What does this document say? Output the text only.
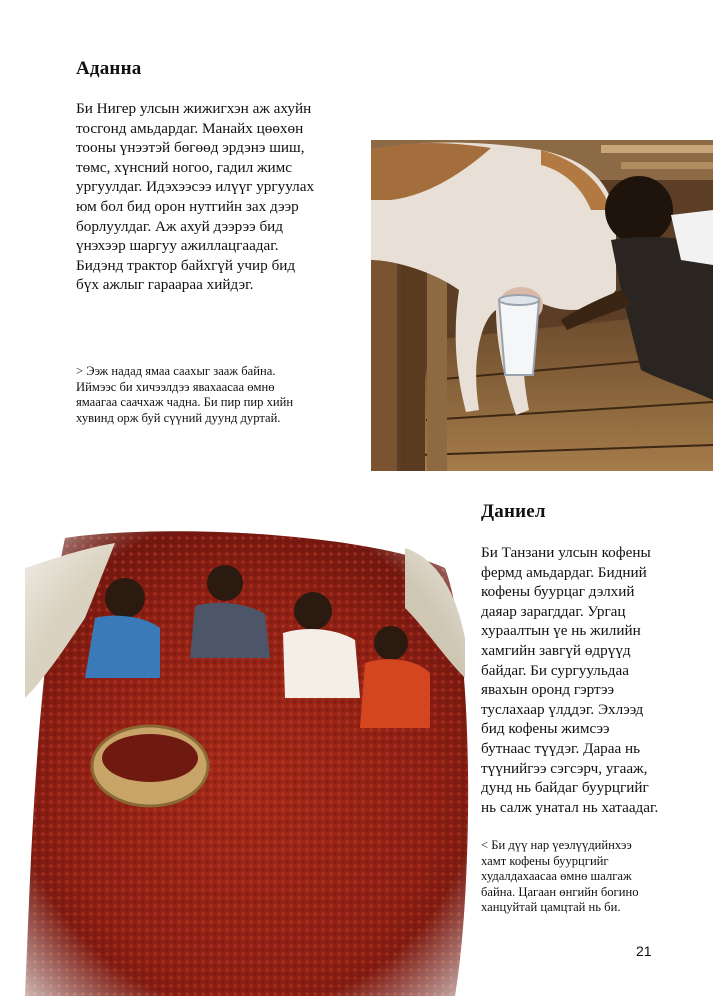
Аданна
Би Нигер улсын жижигхэн аж ахуйн
тосгонд амьдардаг. Манайх цөөхөн
тооны үнээтэй бөгөөд эрдэнэ шиш,
төмс, хүнсний ногоо, гадил жимс
ургуулдаг. Идэхээсээ илүүг ургуулах
юм бол бид орон нутгийн зах дээр
борлуулдаг. Аж ахуй дээрээ бид
үнэхээр шаргуу ажиллацгаадаг.
Бидэнд трактор байхгүй учир бид
бүх ажлыг гараараа хийдэг.
> Ээж надад ямаа саахыг зааж байна.
Иймээс би хичээлдээ явахаасаа өмнө
ямаагаа саачхаж чадна. Би пир пир хийн
хувинд орж буй сүүний дуунд дуртай.
Даниел
Би Танзани улсын кофены
фермд амьдардаг. Бидний
кофены буурцаг дэлхий
даяар зарагддаг. Ургац
хураалтын үе нь жилийн
хамгийн завгүй өдрүүд
байдаг. Би сургуульдаа
явахын оронд гэртээ
туслахаар үлддэг. Эхлээд
бид кофены жимсээ
бутнаас түүдэг. Дараа нь
түүнийгээ сэгсэрч, угааж,
дунд нь байдаг буурцгийг
нь салж унатал нь хатаадаг.
< Би дүү нар үеэлүүдийнхээ
хамт кофены буурцгийг
худалдахаасаа өмнө шалгаж
байна. Цагаан өнгийн богино
ханцуйтай цамцтай нь би.
21
